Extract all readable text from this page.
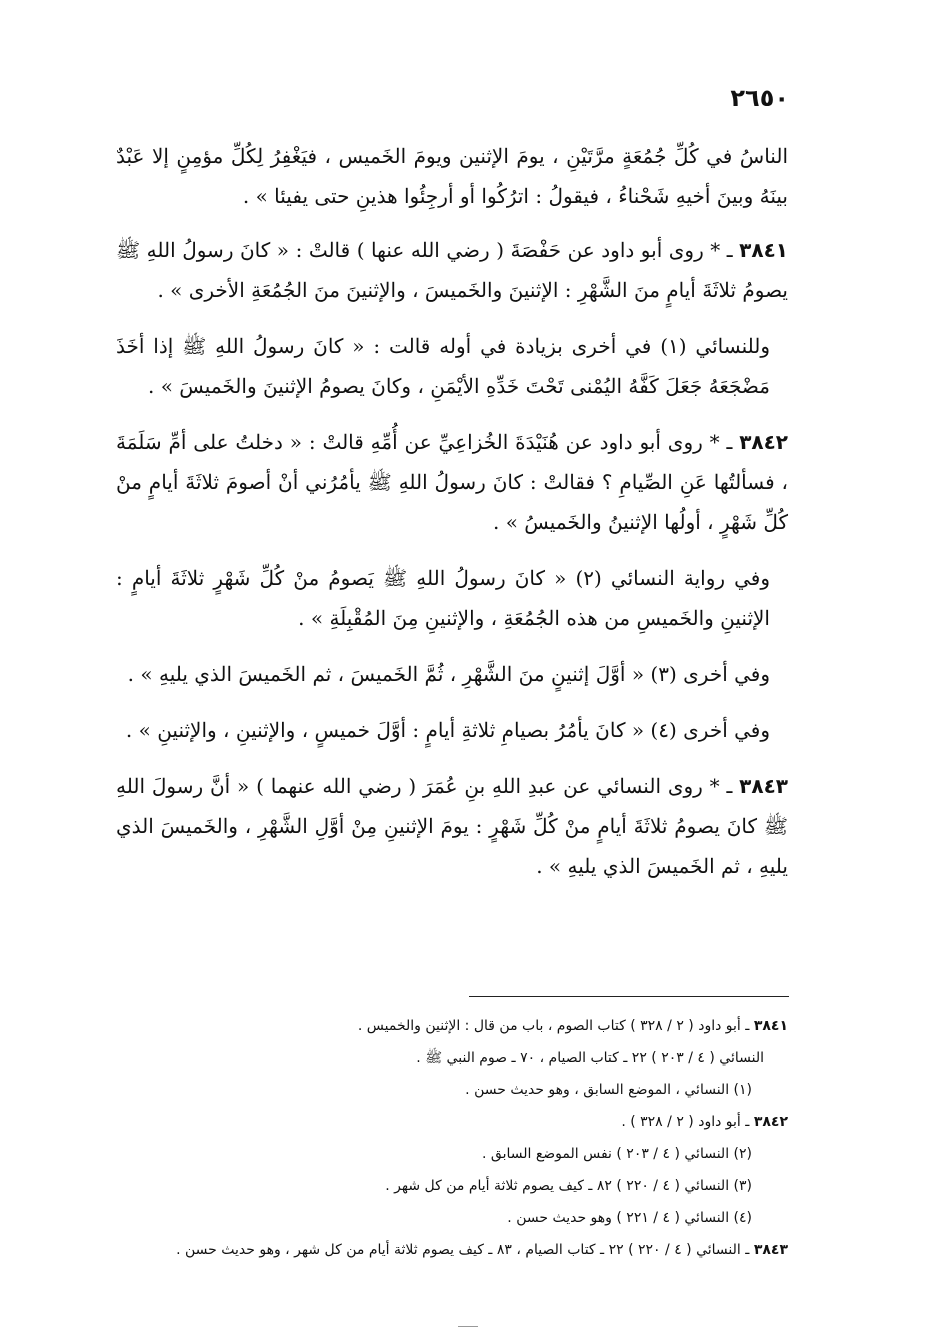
٢٦٥٠

الناسُ في كُلِّ جُمُعَةٍ مرَّتَيْنِ ، يومَ الإثنين ويومَ الخَميس ، فيَغْفِرُ لِكُلِّ مؤمِنٍ إلا عَبْدٌ بينَهُ وبينَ أخيهِ شَحْناءُ ، فيقولُ : اترُكُوا أو أرجِئُوا هذينِ حتى يفيئا » .

٣٨٤١ ـ * روى أبو داود عن حَفْصَةَ ( رضي الله عنها ) قالتْ : « كانَ رسولُ اللهِ ﷺ يصومُ ثلاثَةَ أيامٍ منَ الشَّهْرِ : الإثنينَ والخَميسَ ، والإثنينَ منَ الجُمُعَةِ الأخرى » .

وللنسائي (١) في أخرى بزيادة في أوله قالت : « كانَ رسولُ اللهِ ﷺ إذا أخَذَ مَضْجَعَهُ جَعَلَ كَفَّهُ اليُمْنى تَحْتَ خَدِّهِ الأيْمَنِ ، وكانَ يصومُ الإثنينَ والخَميسَ » .

٣٨٤٢ ـ * روى أبو داود عن هُنَيْدَةَ الخُزاعِيِّ عن أُمِّهِ قالتْ : « دخلتُ على أمِّ سَلَمَةَ ، فسألتُها عَنِ الصِّيامِ ؟ فقالتْ : كانَ رسولُ اللهِ ﷺ يأمُرُني أنْ أصومَ ثلاثَةَ أيامٍ منْ كُلِّ شَهْرٍ ، أولُها الإثنينُ والخَميسُ » .

وفي رواية النسائي (٢) « كانَ رسولُ اللهِ ﷺ يَصومُ منْ كُلِّ شَهْرٍ ثلاثَةَ أيامٍ : الإثنينِ والخَميسِ من هذه الجُمُعَةِ ، والإثنينِ مِنَ المُقْبِلَةِ » .

وفي أخرى (٣) « أوَّلَ إثنينٍ منَ الشَّهْرِ ، ثُمَّ الخَميسَ ، ثم الخَميسَ الذي يليهِ » .

وفي أخرى (٤) « كانَ يأمُرُ بصيامِ ثلاثةِ أيامٍ : أوَّلَ خميسٍ ، والإثنينِ ، والإثنينِ » .

٣٨٤٣ ـ * روى النسائي عن عبدِ اللهِ بنِ عُمَرَ ( رضي الله عنهما ) « أنَّ رسولَ اللهِ ﷺ كانَ يصومُ ثلاثَةَ أيامٍ منْ كُلِّ شَهْرٍ : يومَ الإثنينِ مِنْ أوَّلِ الشَّهْرِ ، والخَميسَ الذي يليهِ ، ثم الخَميسَ الذي يليهِ » .

٣٨٤١ ـ أبو داود ( ٢ / ٣٢٨ ) كتاب الصوم ، باب من قال : الإثنين والخميس .
النسائي ( ٤ / ٢٠٣ ) ٢٢ ـ كتاب الصيام ، ٧٠ ـ صوم النبي ﷺ .
(١) النسائي ، الموضع السابق ، وهو حديث حسن .
٣٨٤٢ ـ أبو داود ( ٢ / ٣٢٨ ) .
(٢) النسائي ( ٤ / ٢٠٣ ) نفس الموضع السابق .
(٣) النسائي ( ٤ / ٢٢٠ ) ٨٢ ـ كيف يصوم ثلاثة أيام من كل شهر .
(٤) النسائي ( ٤ / ٢٢١ ) وهو حديث حسن .
٣٨٤٣ ـ النسائي ( ٤ / ٢٢٠ ) ٢٢ ـ كتاب الصيام ، ٨٣ ـ كيف يصوم ثلاثة أيام من كل شهر ، وهو حديث حسن .
